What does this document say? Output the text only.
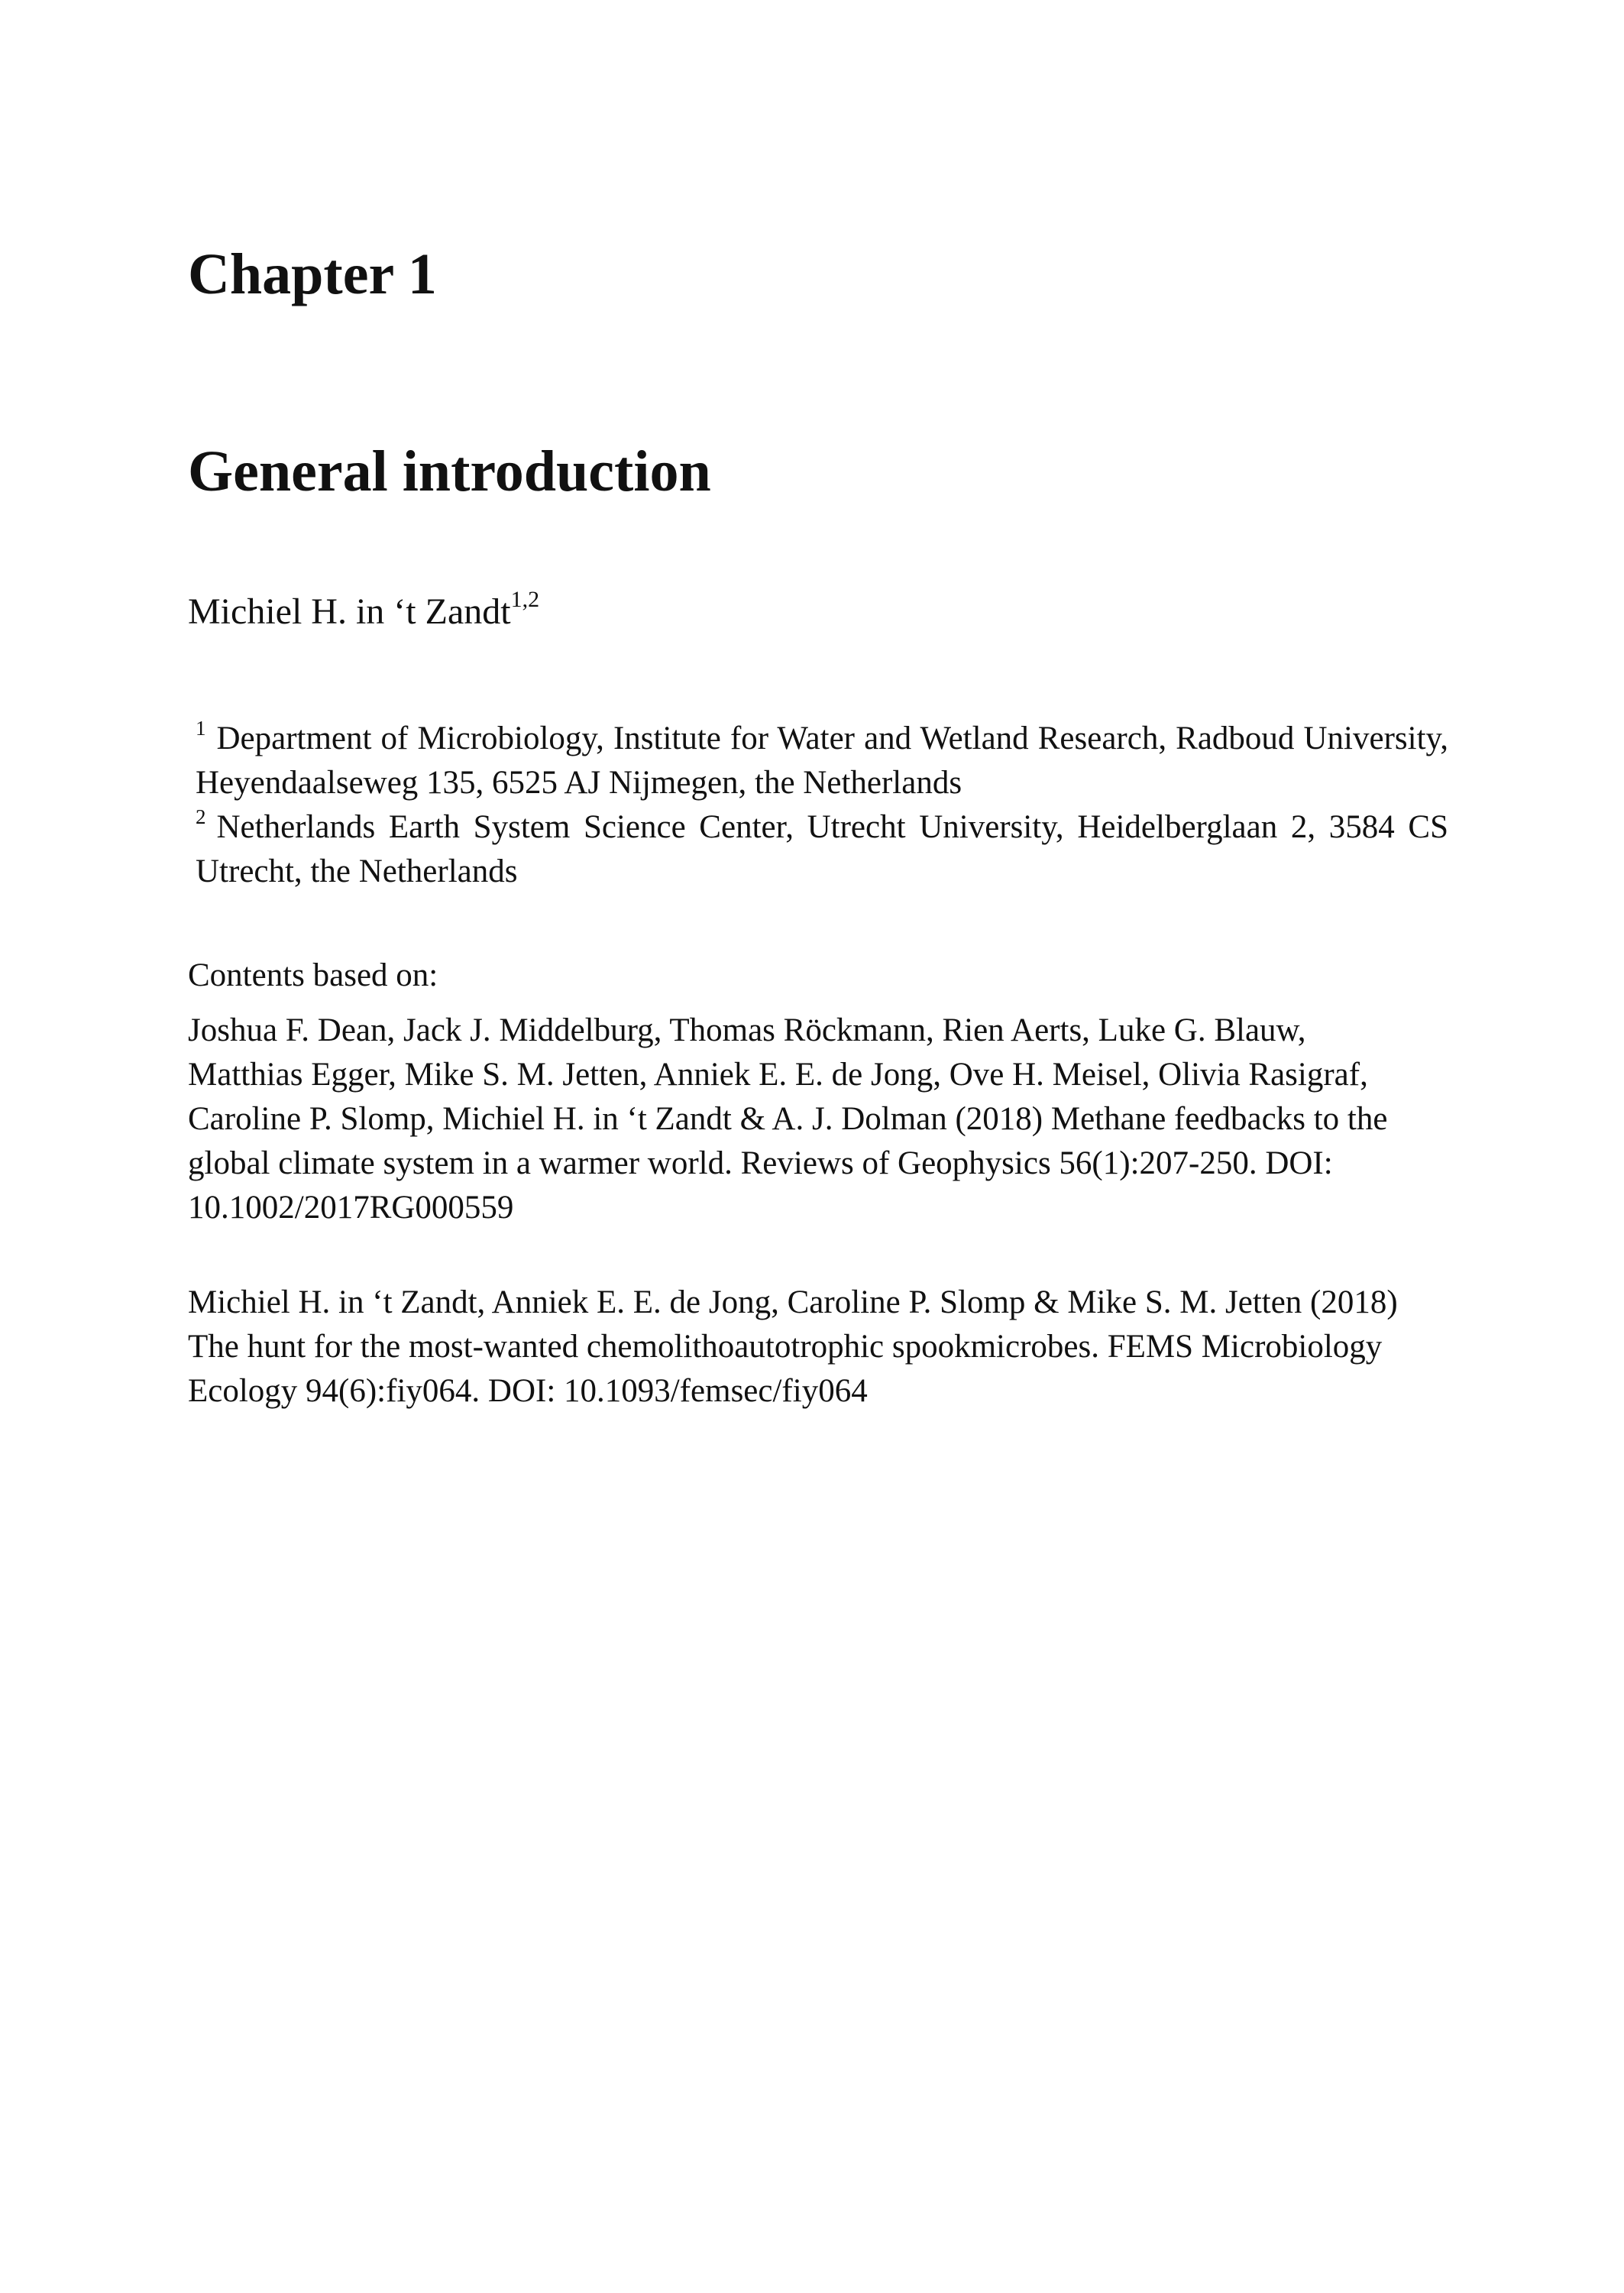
Chapter 1
General introduction
Michiel H. in ‘t Zandt$^{1,2}$

$^1$ Department of Microbiology, Institute for Water and Wetland Research, Radboud University, Heyendaalseweg 135, 6525 AJ Nijmegen, the Netherlands

$^2$ Netherlands Earth System Science Center, Utrecht University, Heidelberglaan 2, 3584 CS Utrecht, the Netherlands

Contents based on:
Joshua F. Dean, Jack J. Middelburg, Thomas Röckmann, Rien Aerts, Luke G. Blauw,
Matthias Egger, Mike S. M. Jetten, Anniek E. E. de Jong, Ove H. Meisel, Olivia Rasigraf,
Caroline P. Slomp, Michiel H. in ‘t Zandt & A. J. Dolman (2018) Methane feedbacks to the
global climate system in a warmer world. Reviews of Geophysics 56(1):207-250. DOI:
10.1002/2017RG000559
Michiel H. in ‘t Zandt, Anniek E. E. de Jong, Caroline P. Slomp & Mike S. M. Jetten (2018)
The hunt for the most-wanted chemolithoautotrophic spookmicrobes. FEMS Microbiology
Ecology 94(6):fiy064. DOI: 10.1093/femsec/fiy064
